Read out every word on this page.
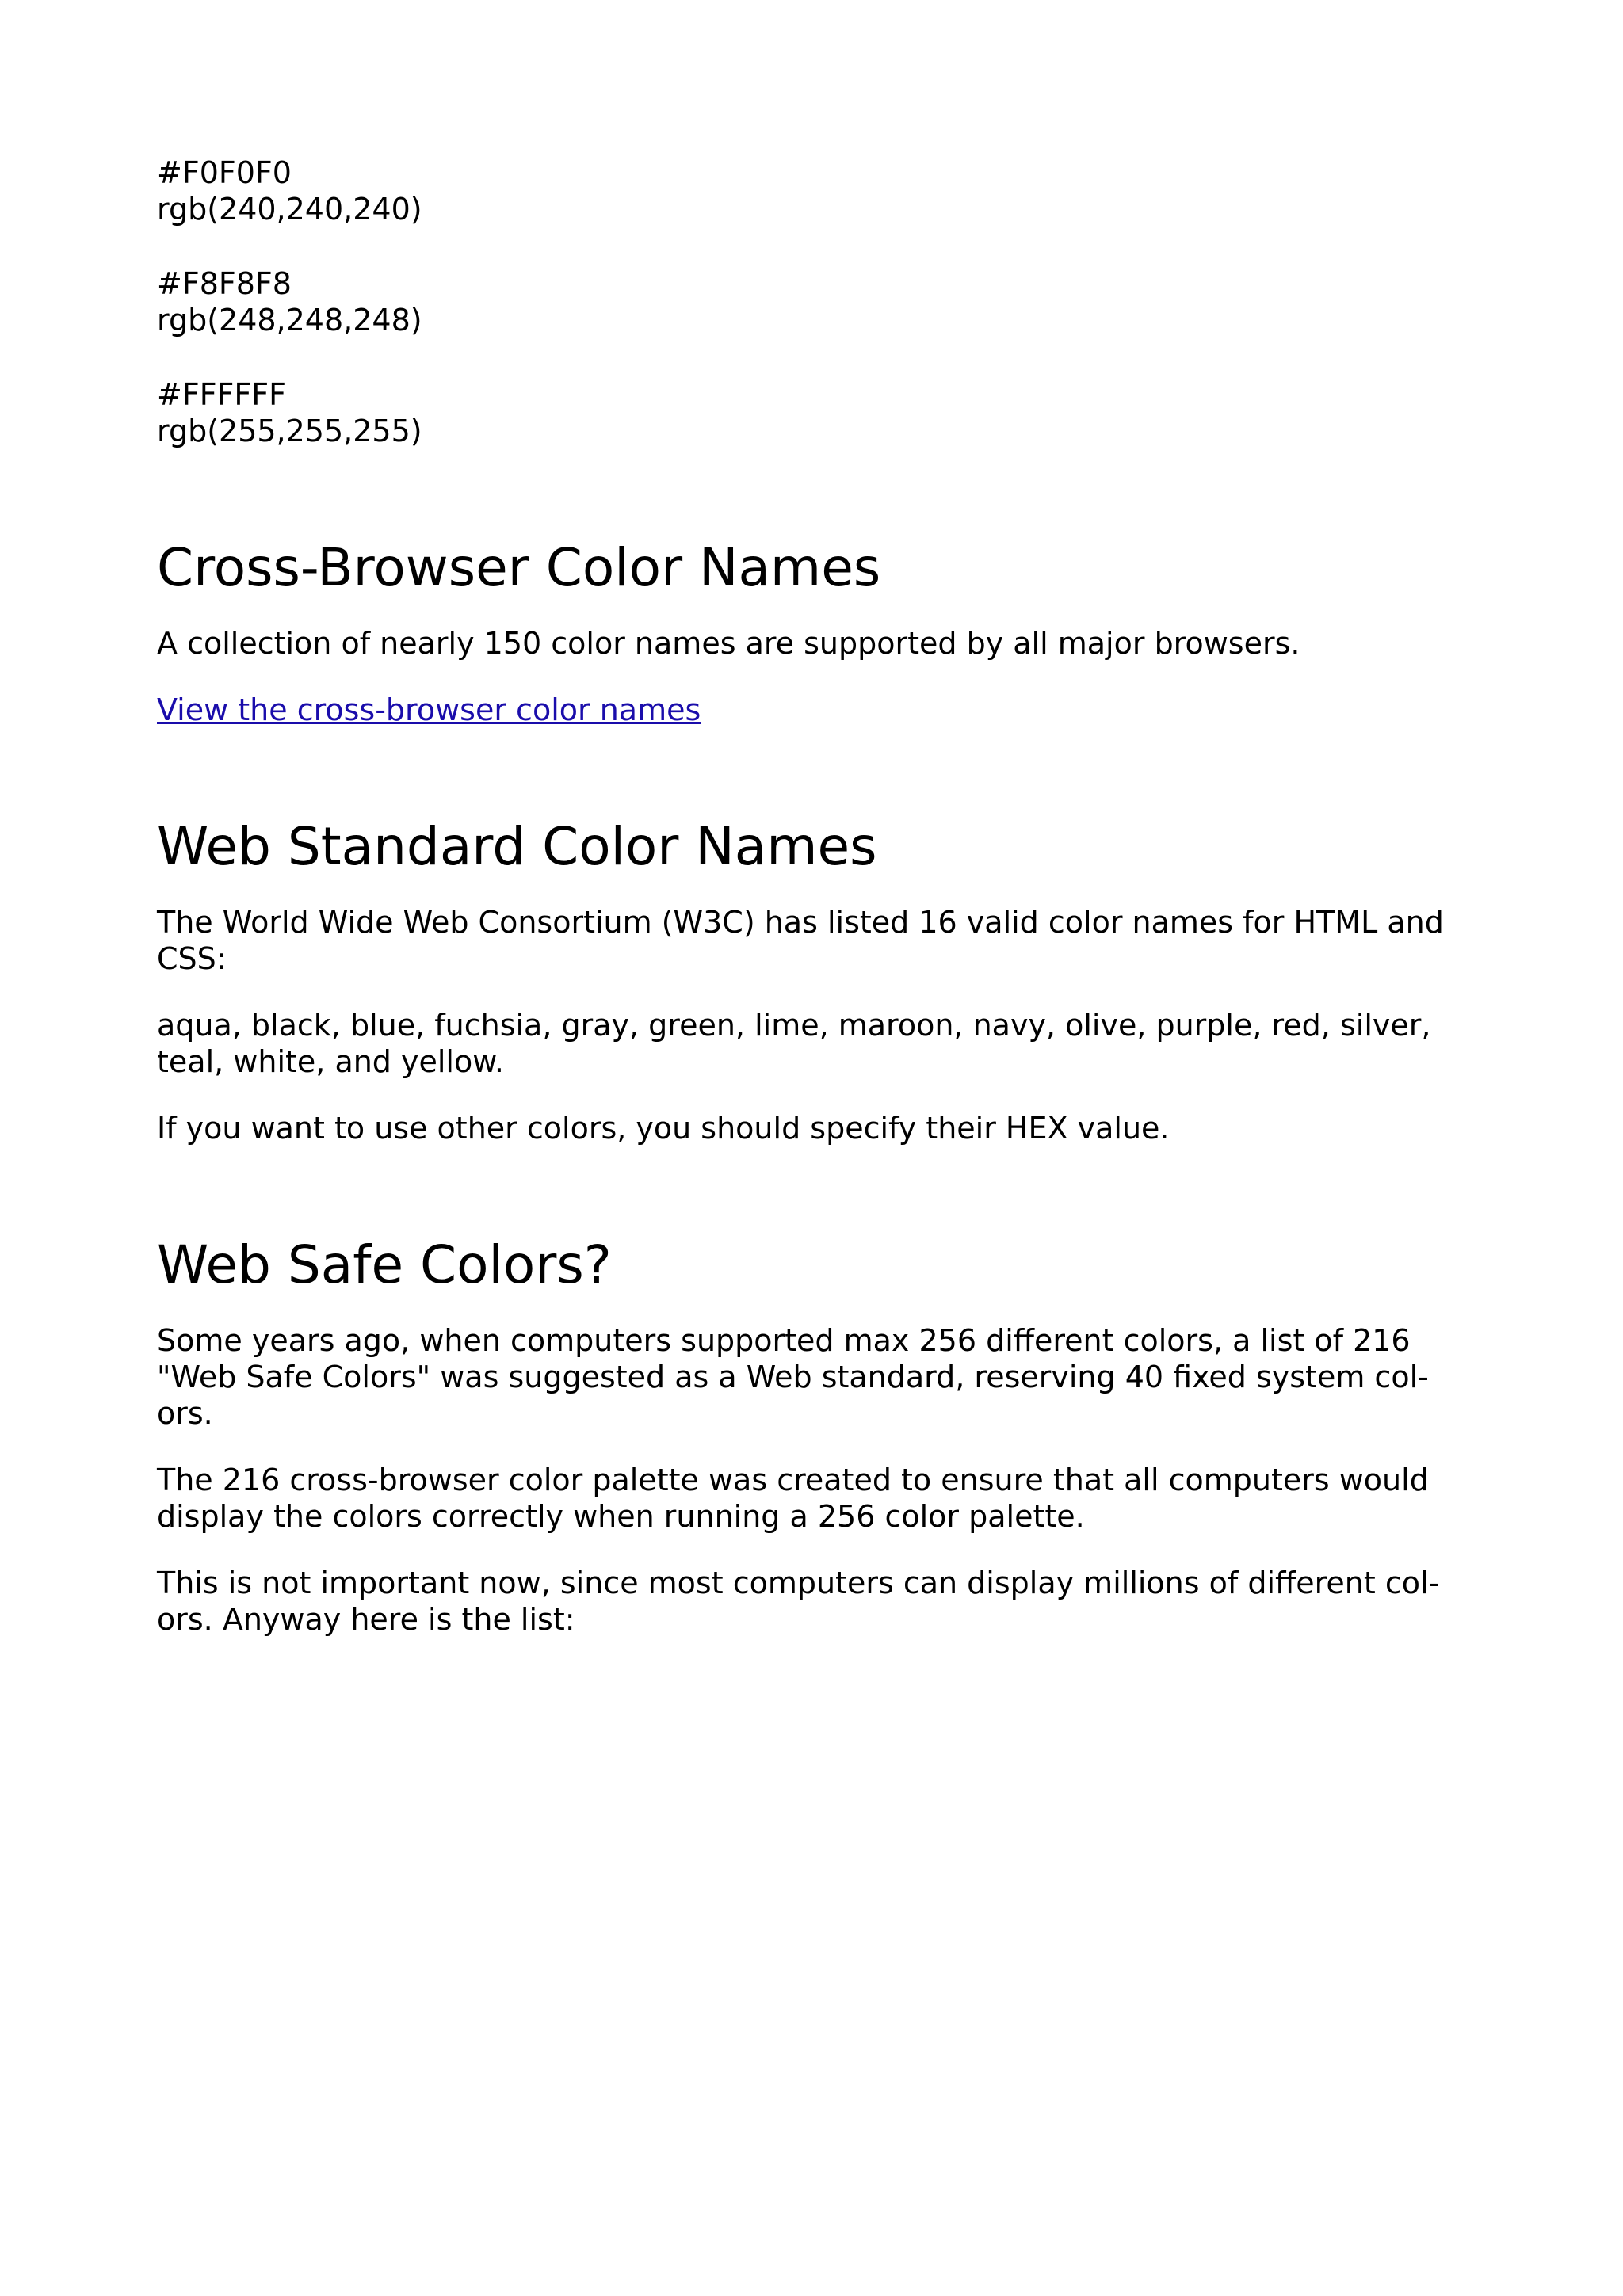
#F0F0F0
rgb(240,240,240)
#F8F8F8
rgb(248,248,248)
#FFFFFF
rgb(255,255,255)
Cross-Browser Color Names

A collection of nearly 150 color names are supported by all major browsers.

View the cross-browser color names

Web Standard Color Names

The World Wide Web Consortium (W3C) has listed 16 valid color names for HTML and CSS:

aqua, black, blue, fuchsia, gray, green, lime, maroon, navy, olive, purple, red, silver, teal, white, and yellow.

If you want to use other colors, you should specify their HEX value.

Web Safe Colors?

Some years ago, when computers supported max 256 different colors, a list of 216 "Web Safe Colors" was suggested as a Web standard, reserving 40 fixed system col-ors.

The 216 cross-browser color palette was created to ensure that all computers would display the colors correctly when running a 256 color palette.

This is not important now, since most computers can display millions of different col-ors. Anyway here is the list:
